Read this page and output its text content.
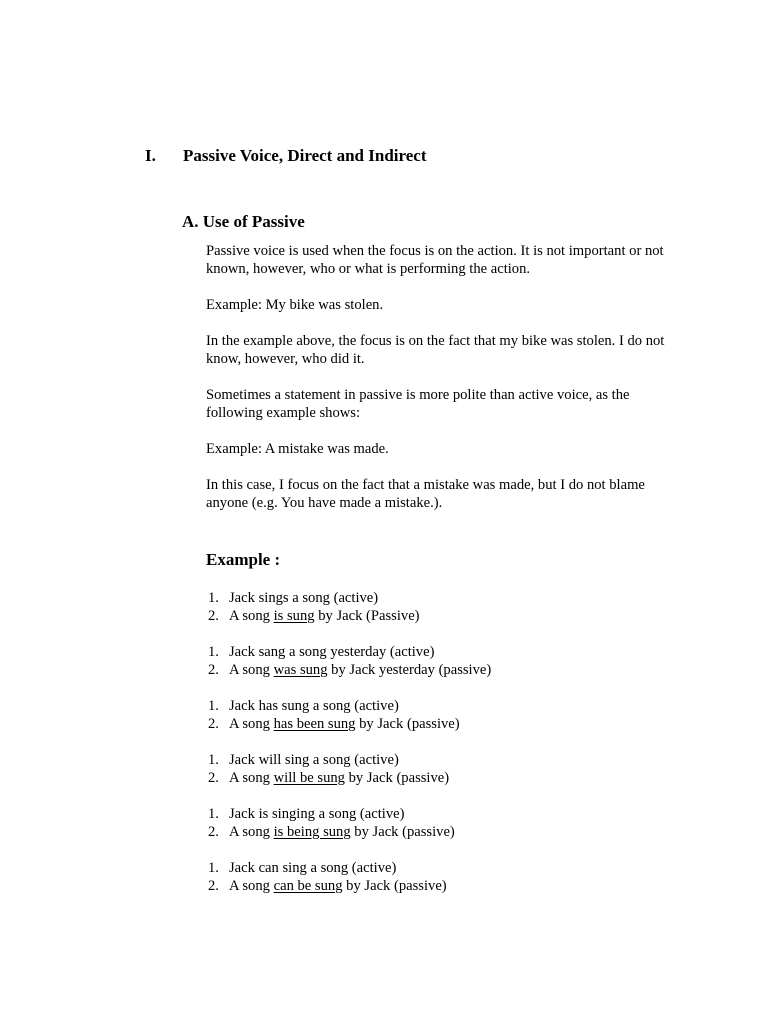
I. Passive Voice, Direct and Indirect
A. Use of Passive

Passive voice is used when the focus is on the action. It is not important or not known, however, who or what is performing the action.

Example: My bike was stolen.

In the example above, the focus is on the fact that my bike was stolen. I do not know, however, who did it.

Sometimes a statement in passive is more polite than active voice, as the following example shows:

Example: A mistake was made.

In this case, I focus on the fact that a mistake was made, but I do not blame anyone (e.g. You have made a mistake.).

Example :
1. Jack sings a song (active)
2. A song is sung by Jack (Passive)
1. Jack sang a song yesterday (active)
2. A song was sung by Jack yesterday (passive)
1. Jack has sung a song (active)
2. A song has been sung by Jack (passive)
1. Jack will sing a song (active)
2. A song will be sung by Jack (passive)
1. Jack is singing a song (active)
2. A song is being sung by Jack (passive)
1. Jack can sing a song (active)
2. A song can be sung by Jack (passive)
